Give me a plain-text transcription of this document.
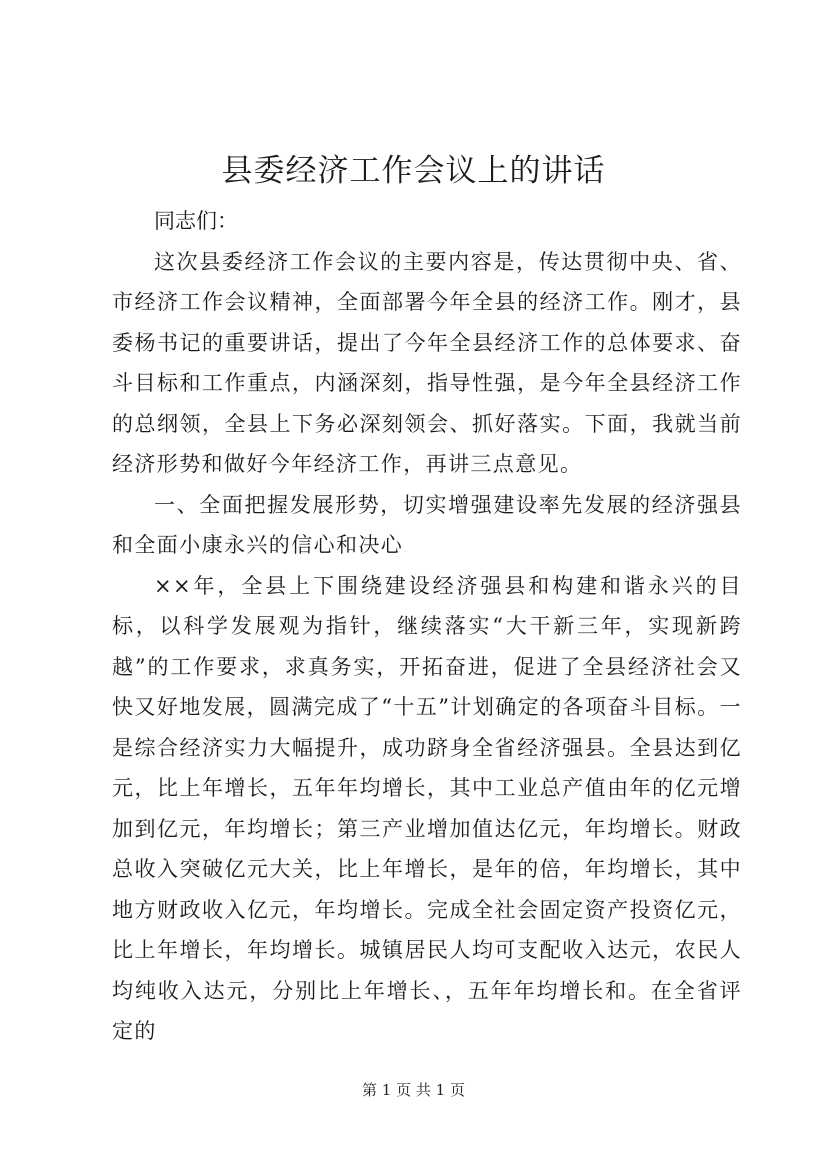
县委经济工作会议上的讲话

同志们：

这次县委经济工作会议的主要内容是，传达贯彻中央、省、市经济工作会议精神，全面部署今年全县的经济工作。刚才，县委杨书记的重要讲话，提出了今年全县经济工作的总体要求、奋斗目标和工作重点，内涵深刻，指导性强，是今年全县经济工作的总纲领，全县上下务必深刻领会、抓好落实。下面，我就当前经济形势和做好今年经济工作，再讲三点意见。

一、全面把握发展形势，切实增强建设率先发展的经济强县和全面小康永兴的信心和决心

××年，全县上下围绕建设经济强县和构建和谐永兴的目标，以科学发展观为指针，继续落实“大干新三年，实现新跨越”的工作要求，求真务实，开拓奋进，促进了全县经济社会又快又好地发展，圆满完成了“十五”计划确定的各项奋斗目标。一是综合经济实力大幅提升，成功跻身全省经济强县。全县达到亿元，比上年增长，五年年均增长，其中工业总产值由年的亿元增加到亿元，年均增长；第三产业增加值达亿元，年均增长。财政总收入突破亿元大关，比上年增长，是年的倍，年均增长，其中地方财政收入亿元，年均增长。完成全社会固定资产投资亿元，比上年增长，年均增长。城镇居民人均可支配收入达元，农民人均纯收入达元，分别比上年增长、，五年年均增长和。在全省评定的

第 1 页 共 1 页
